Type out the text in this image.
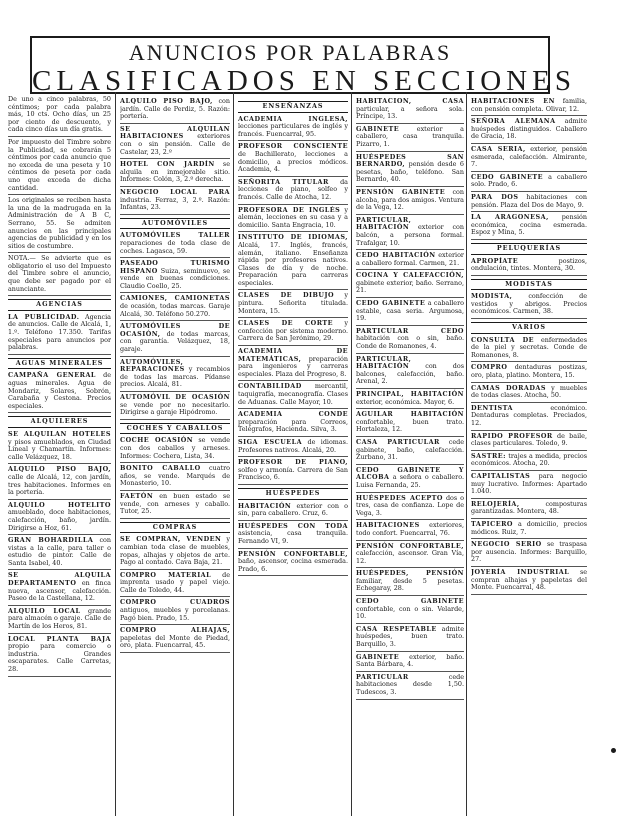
ANUNCIOS POR PALABRAS
CLASIFICADOS EN SECCIONES
De uno a cinco palabras, 50 céntimos; por cada palabra más, 10 cts. Ocho días, un 25 por ciento de descuento, y cada cinco días un día gratis.
Por impuesto del Timbre sobre la Publicidad, se cobrarán 5 céntimos por cada anuncio que no exceda de una peseta y 10 céntimos de peseta por cada uno que exceda de dicha cantidad.
Los originales se reciben hasta la una de la madrugada en la Administración de A B C, Serrano, 55. Se admiten anuncios en las principales agencias de publicidad y en los sitios de costumbre.
NOTA.— Se advierte que es obligatorio el uso del Impuesto del Timbre sobre el anuncio, que debe ser pagado por el anunciante.
AGENCIAS
LA PUBLICIDAD. Agencia de anuncios. Calle de Alcalá, 1, 1.º. Teléfono 17.350. Tarifas especiales para anuncios por palabras.
AGUAS MINERALES
CAMPAÑA GENERAL de aguas minerales. Agua de Mondariz, Solares, Sobrón, Carabaña y Cestona. Precios especiales.
ALQUILERES
SE ALQUILAN HOTELES y pisos amueblados, en Ciudad Lineal y Chamartín. Informes: calle Velázquez, 18.
ALQUILO PISO BAJO, calle de Alcalá, 12, con jardín, tres habitaciones. Informes en la portería.
ALQUILO HOTELITO amueblado, doce habitaciones, calefacción, baño, jardín. Dirigirse a Hoz, 61.
GRAN BOHARDILLA con vistas a la calle, para taller o estudio de pintor. Calle de Santa Isabel, 40.
SE ALQUILA DEPARTAMENTO en finca nueva, ascensor, calefacción. Paseo de la Castellana, 12.
ALQUILO LOCAL grande para almacén o garaje. Calle de Martín de los Heros, 81.
LOCAL PLANTA BAJA propio para comercio o industria. Grandes escaparates. Calle Carretas, 28.
ALQUILO PISO BAJO, con jardín. Calle de Perdiz, 5. Razón: portería.
SE ALQUILAN HABITACIONES exteriores con o sin pensión. Calle de Castelar, 23, 2.º
HOTEL CON JARDÍN se alquila en inmejorable sitio. Informes: Colón, 3, 2.º derecha.
NEGOCIO LOCAL PARA industria. Ferraz, 3, 2.º. Razón: Infantas, 23.
AUTOMÓVILES
AUTOMÓVILES TALLER reparaciones de toda clase de coches. Lagasca, 59.
PASEADO TURISMO HISPANO Suiza, seminuevo, se vende en buenas condiciones. Claudio Coello, 25.
CAMIONES, CAMIONETAS de ocasión, todas marcas. Garaje Alcalá, 30. Teléfono 50.270.
AUTOMÓVILES DE OCASIÓN, de todas marcas, con garantía. Velázquez, 18, garaje.
AUTOMÓVILES, REPARACIONES y recambios de todas las marcas. Pídanse precios. Alcalá, 81.
AUTOMÓVIL DE OCASIÓN se vende por no necesitarlo. Dirigirse a garaje Hipódromo.
COCHES Y CABALLOS
COCHE OCASIÓN se vende con dos caballos y arneses. Informes: Cochera, Lista, 34.
BONITO CABALLO cuatro años, se vende. Marqués de Monasterio, 10.
FAETÓN en buen estado se vende, con arneses y caballo. Tutor, 25.
COMPRAS
SE COMPRAN, VENDEN y cambian toda clase de muebles, ropas, alhajas y objetos de arte. Pago al contado. Cava Baja, 21.
COMPRO MATERIAL de imprenta usado y papel viejo. Calle de Toledo, 44.
COMPRO CUADROS antiguos, muebles y porcelanas. Pagó bien. Prado, 15.
COMPRO ALHAJAS, papeletas del Monte de Piedad, oro, plata. Fuencarral, 45.
ENSEÑANZAS
ACADEMIA INGLESA, lecciones particulares de inglés y francés. Fuencarral, 95.
PROFESOR CONSCIENTE de Bachillerato, lecciones a domicilio, a precios módicos. Academia, 4.
SEÑORITA TITULAR da lecciones de piano, solfeo y francés. Calle de Atocha, 12.
PROFESORA DE INGLÉS y alemán, lecciones en su casa y a domicilio. Santa Engracia, 10.
INSTITUTO DE IDIOMAS, Alcalá, 17. Inglés, francés, alemán, italiano. Enseñanza rápida por profesores nativos. Clases de día y de noche. Preparación para carreras especiales.
CLASES DE DIBUJO y pintura. Señorita titulada. Montera, 15.
CLASES DE CORTE y confección por sistema moderno. Carrera de San Jerónimo, 29.
ACADEMIA DE MATEMÁTICAS, preparación para ingenieros y carreras especiales. Plaza del Progreso, 8.
CONTABILIDAD mercantil, taquigrafía, mecanografía. Clases de Aduanas. Calle Mayor, 10.
ACADEMIA CONDE preparación para Correos, Telégrafos, Hacienda. Silva, 3.
SIGA ESCUELA de idiomas. Profesores nativos. Alcalá, 20.
PROFESOR DE PIANO, solfeo y armonía. Carrera de San Francisco, 6.
HUÉSPEDES
HABITACIÓN exterior con o sin, para caballero. Cruz, 6.
HUÉSPEDES CON TODA asistencia, casa tranquila. Fernando VI, 9.
PENSIÓN CONFORTABLE, baño, ascensor, cocina esmerada. Prado, 6.
HABITACIÓN, CASA particular, a señora sola. Príncipe, 13.
GABINETE	exterior a caballero, casa tranquila. Pizarro, 1.
HUÉSPEDES SAN BERNARDO, pensión desde 6 pesetas, baño, teléfono. San Bernardo, 40.
PENSIÓN GABINETE con alcoba, para dos amigos. Ventura de la Vega, 12.
PARTICULAR, HABITACIÓN exterior con balcón, a persona formal. Trafalgar, 10.
CEDO HABITACIÓN exterior a caballero formal. Carmen, 21.
COCINA Y CALEFACCIÓN, gabinete exterior, baño. Serrano, 21.
CEDO GABINETE a caballero estable, casa seria. Argumosa, 19.
PARTICULAR CEDO habitación con o sin, baño. Conde de Romanones, 4.
PARTICULAR, HABITACIÓN	con dos balcones, calefacción, baño. Arenal, 2.
PRINCIPAL, HABITACIÓN exterior, económica. Mayor, 6.
AGUILAR HABITACIÓN confortable, buen trato. Hortaleza, 12.
CASA PARTICULAR cede gabinete, baño, calefacción. Zurbano, 31.
CEDO GABINETE Y ALCOBA a señora o caballero. Luisa Fernanda, 25.
HUÉSPEDES ACEPTO dos o tres, casa de confianza. Lope de Vega, 3.
HABITACIONES exteriores, todo confort. Fuencarral, 76.
PENSIÓN CONFORTABLE, calefacción, ascensor. Gran Vía, 12.
HUÉSPEDES, PENSIÓN familiar, desde 5 pesetas. Echegaray, 28.
CEDO GABINETE confortable, con o sin. Velarde, 10.
CASA RESPETABLE admite huéspedes, buen trato. Barquillo, 3.
GABINETE exterior, baño. Santa Bárbara, 4.
PARTICULAR	cede habitaciones desde 1,50. Tudescos, 3.
HABITACIONES EN familia, con pensión completa. Olivar, 12.
SEÑORA ALEMANA admite huéspedes distinguidos. Caballero de Gracia, 18.
CASA SERIA, exterior, pensión esmerada, calefacción. Almirante, 7.
CEDO GABINETE a caballero solo. Prado, 6.
PARA DOS habitaciones con pensión. Plaza del Dos de Mayo, 9.
LA ARAGONESA, pensión económica, cocina esmerada. Espoz y Mina, 5.
PELUQUERÍAS
APROPÍATE	postizos, ondulación, tintes. Montera, 30.
MODISTAS
MODISTA, confección de vestidos y abrigos. Precios económicos. Carmen, 38.
VARIOS
CONSULTA DE enfermedades de la piel y secretas. Conde de Romanones, 8.
COMPRO dentaduras postizas, oro, plata, platino. Montera, 15.
CAMAS DORADAS y muebles de todas clases. Atocha, 50.
DENTISTA	económico. Dentaduras completas. Preciados, 12.
RAPIDO PROFESOR de baile, clases particulares. Toledo, 9.
SASTRE: trajes a medida, precios económicos. Atocha, 20.
CAPITALISTAS para negocio muy lucrativo. Informes: Apartado 1.040.
RELOJERÍA,	composturas garantizadas. Montera, 48.
TAPICERO a domicilio, precios módicos. Ruiz, 7.
NEGOCIO SERIO se traspasa por ausencia. Informes: Barquillo, 27.
JOYERÍA INDUSTRIAL se compran alhajas y papeletas del Monte. Fuencarral, 48.
